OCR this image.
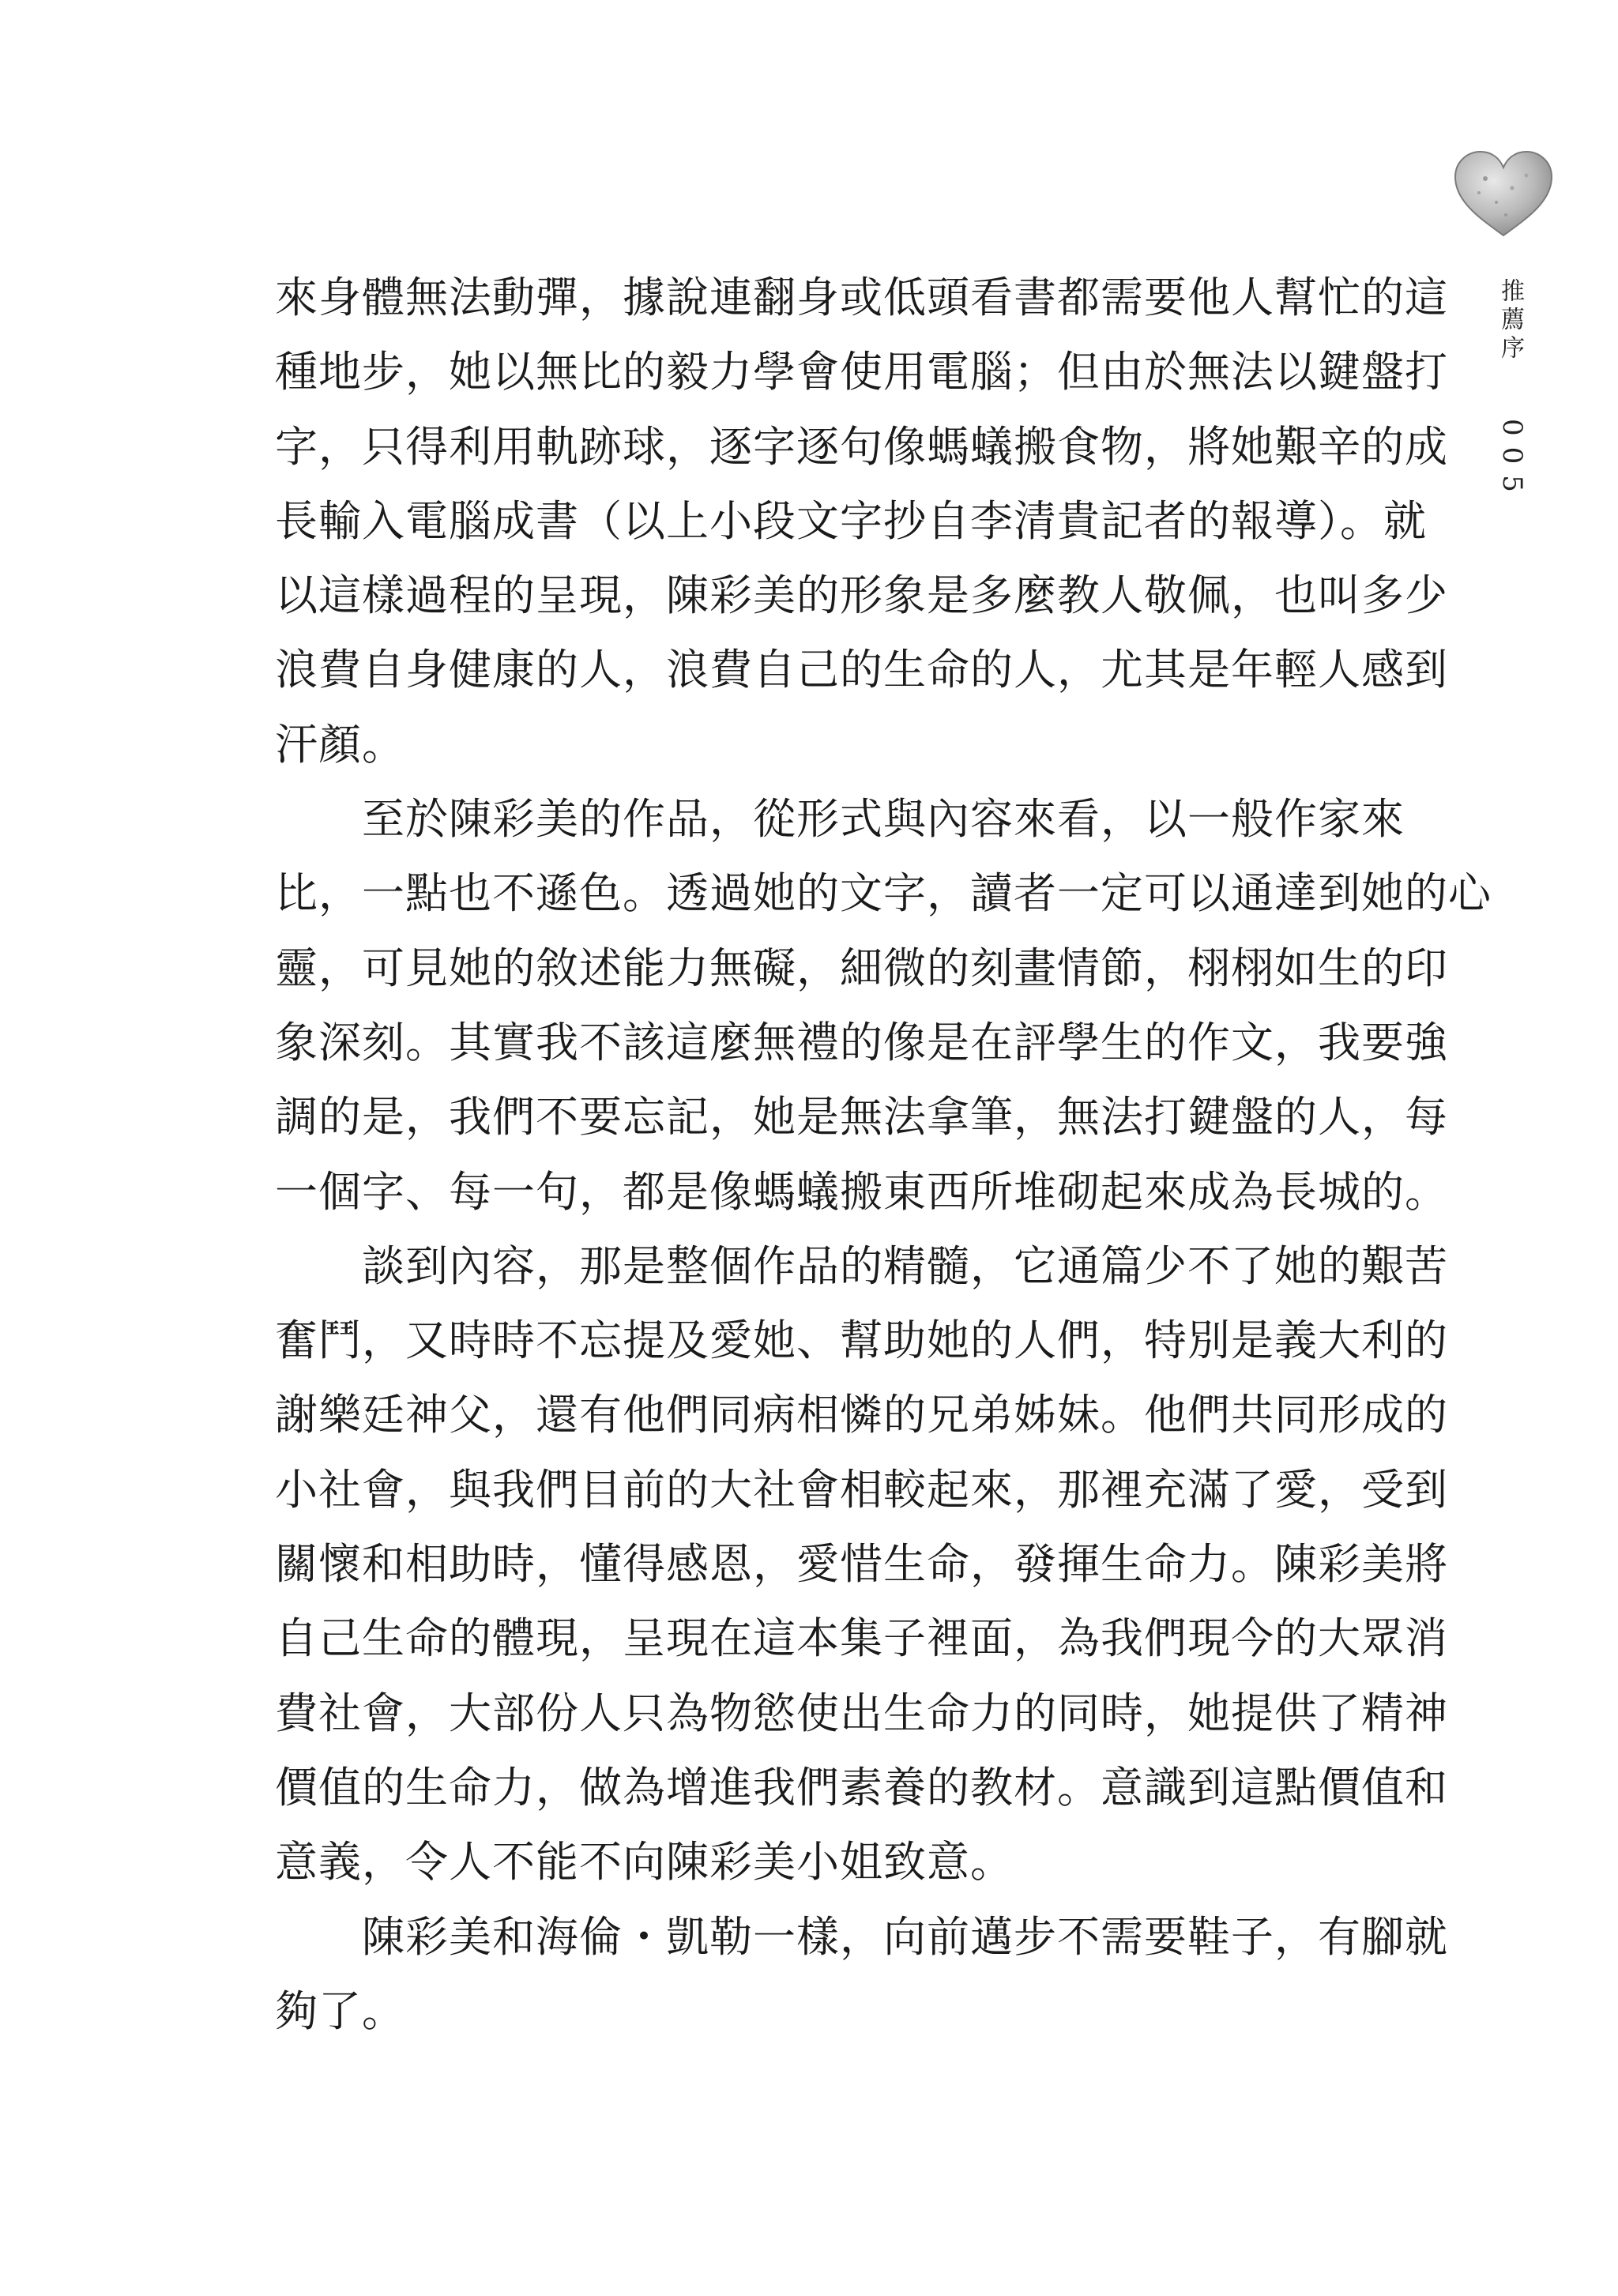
推薦序
005
來身體無法動彈，據說連翻身或低頭看書都需要他人幫忙的這
種地步，她以無比的毅力學會使用電腦；但由於無法以鍵盤打
字，只得利用軌跡球，逐字逐句像螞蟻搬食物，將她艱辛的成
長輸入電腦成書（以上小段文字抄自李清貴記者的報導）。就
以這樣過程的呈現，陳彩美的形象是多麼教人敬佩，也叫多少
浪費自身健康的人，浪費自己的生命的人，尤其是年輕人感到
汗顏。
至於陳彩美的作品，從形式與內容來看，以一般作家來
比，一點也不遜色。透過她的文字，讀者一定可以通達到她的心
靈，可見她的敘述能力無礙，細微的刻畫情節，栩栩如生的印
象深刻。其實我不該這麼無禮的像是在評學生的作文，我要強
調的是，我們不要忘記，她是無法拿筆，無法打鍵盤的人，每
一個字、每一句，都是像螞蟻搬東西所堆砌起來成為長城的。
談到內容，那是整個作品的精髓，它通篇少不了她的艱苦
奮鬥，又時時不忘提及愛她、幫助她的人們，特別是義大利的
謝樂廷神父，還有他們同病相憐的兄弟姊妹。他們共同形成的
小社會，與我們目前的大社會相較起來，那裡充滿了愛，受到
關懷和相助時，懂得感恩，愛惜生命，發揮生命力。陳彩美將
自己生命的體現，呈現在這本集子裡面，為我們現今的大眾消
費社會，大部份人只為物慾使出生命力的同時，她提供了精神
價值的生命力，做為增進我們素養的教材。意識到這點價值和
意義，令人不能不向陳彩美小姐致意。
陳彩美和海倫・凱勒一樣，向前邁步不需要鞋子，有腳就
夠了。
